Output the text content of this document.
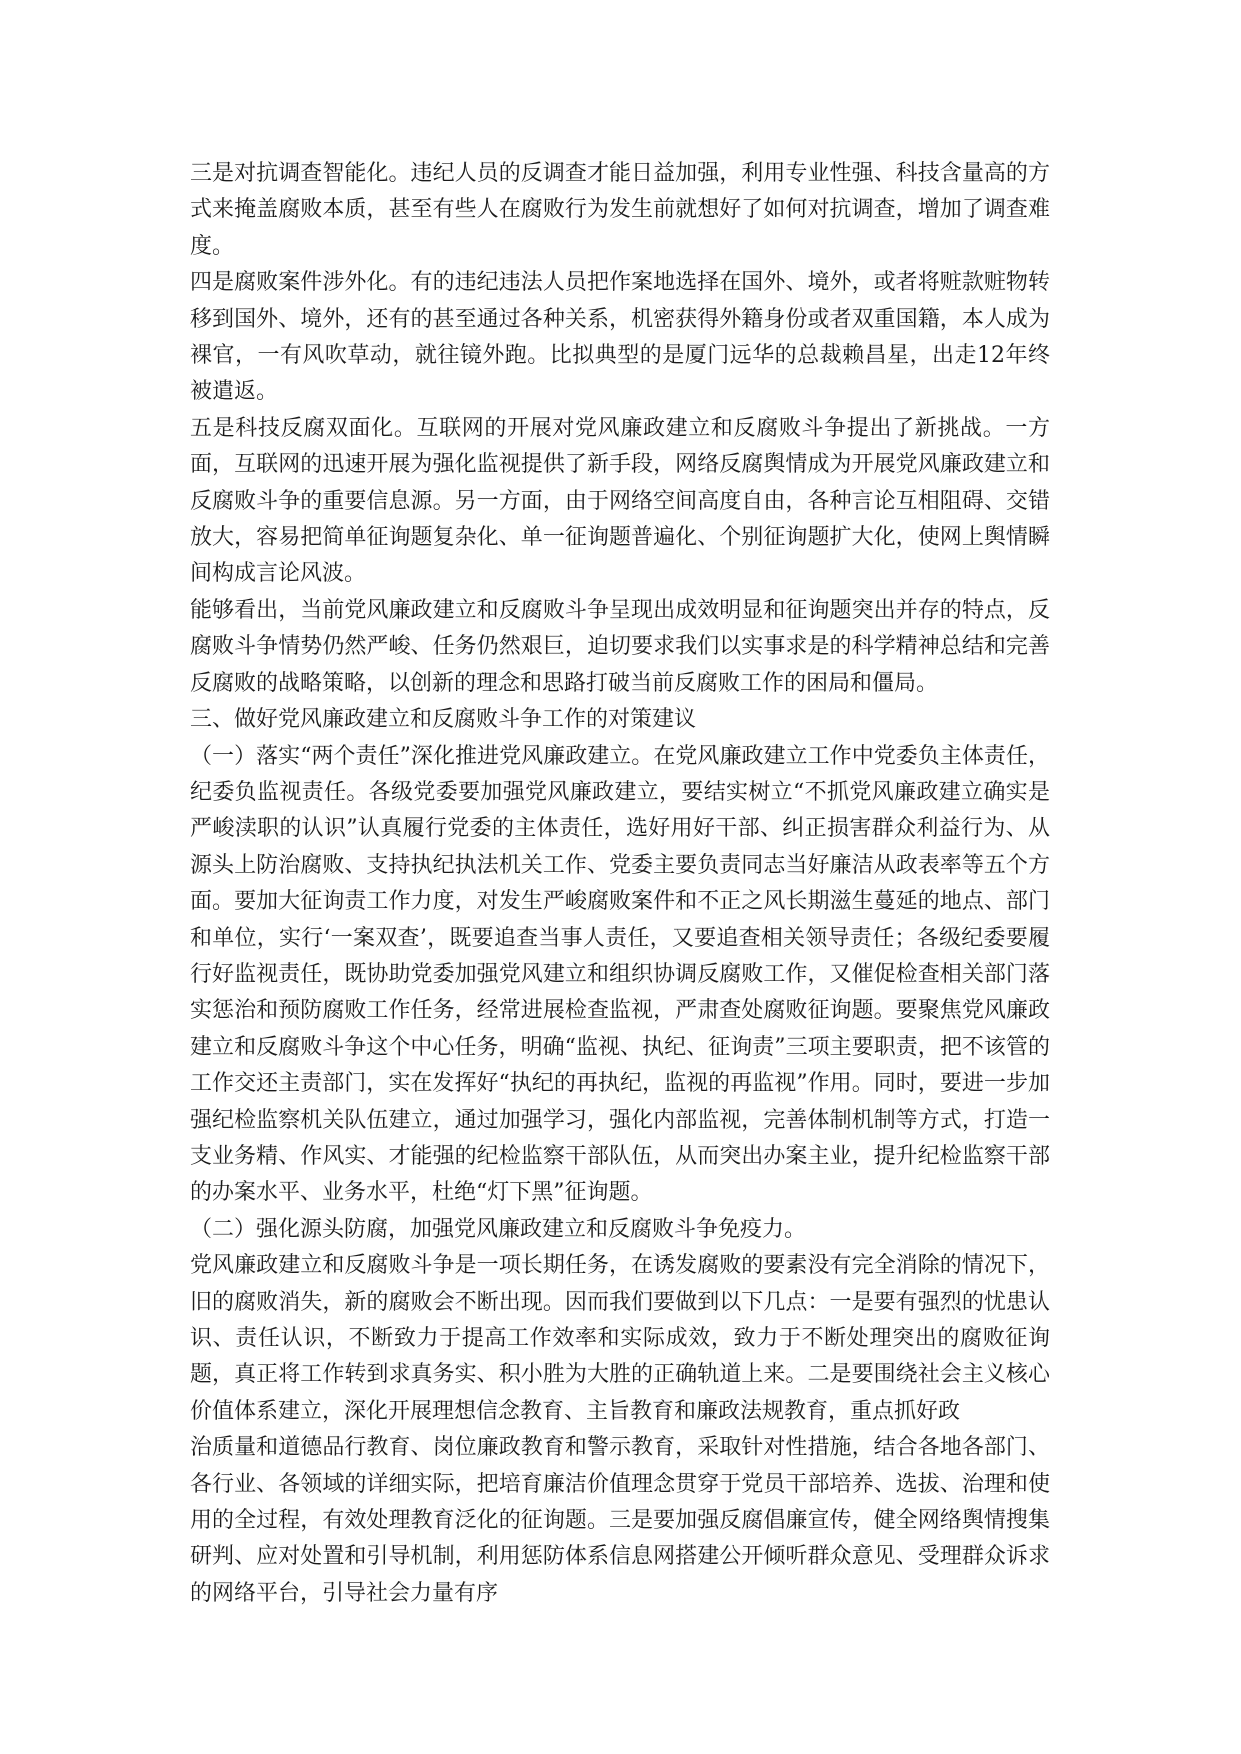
三是对抗调查智能化。违纪人员的反调查才能日益加强，利用专业性强、科技含量高的方式来掩盖腐败本质，甚至有些人在腐败行为发生前就想好了如何对抗调查，增加了调查难度。

四是腐败案件涉外化。有的违纪违法人员把作案地选择在国外、境外，或者将赃款赃物转移到国外、境外，还有的甚至通过各种关系，机密获得外籍身份或者双重国籍，本人成为裸官，一有风吹草动，就往镜外跑。比拟典型的是厦门远华的总裁赖昌星，出走12年终被遣返。

五是科技反腐双面化。互联网的开展对党风廉政建立和反腐败斗争提出了新挑战。一方面，互联网的迅速开展为强化监视提供了新手段，网络反腐舆情成为开展党风廉政建立和反腐败斗争的重要信息源。另一方面，由于网络空间高度自由，各种言论互相阻碍、交错放大，容易把简单征询题复杂化、单一征询题普遍化、个别征询题扩大化，使网上舆情瞬间构成言论风波。

能够看出，当前党风廉政建立和反腐败斗争呈现出成效明显和征询题突出并存的特点，反腐败斗争情势仍然严峻、任务仍然艰巨，迫切要求我们以实事求是的科学精神总结和完善反腐败的战略策略，以创新的理念和思路打破当前反腐败工作的困局和僵局。

三、做好党风廉政建立和反腐败斗争工作的对策建议

（一）落实“两个责任”深化推进党风廉政建立。在党风廉政建立工作中党委负主体责任，纪委负监视责任。各级党委要加强党风廉政建立，要结实树立“不抓党风廉政建立确实是严峻渎职的认识”认真履行党委的主体责任，选好用好干部、纠正损害群众利益行为、从源头上防治腐败、支持执纪执法机关工作、党委主要负责同志当好廉洁从政表率等五个方面。要加大征询责工作力度，对发生严峻腐败案件和不正之风长期滋生蔓延的地点、部门和单位，实行‘一案双查’，既要追查当事人责任，又要追查相关领导责任；各级纪委要履行好监视责任，既协助党委加强党风建立和组织协调反腐败工作，又催促检查相关部门落实惩治和预防腐败工作任务，经常进展检查监视，严肃查处腐败征询题。要聚焦党风廉政建立和反腐败斗争这个中心任务，明确“监视、执纪、征询责”三项主要职责，把不该管的工作交还主责部门，实在发挥好“执纪的再执纪，监视的再监视”作用。同时，要进一步加强纪检监察机关队伍建立，通过加强学习，强化内部监视，完善体制机制等方式，打造一支业务精、作风实、才能强的纪检监察干部队伍，从而突出办案主业，提升纪检监察干部的办案水平、业务水平，杜绝“灯下黑”征询题。

（二）强化源头防腐，加强党风廉政建立和反腐败斗争免疫力。

党风廉政建立和反腐败斗争是一项长期任务，在诱发腐败的要素没有完全消除的情况下，旧的腐败消失，新的腐败会不断出现。因而我们要做到以下几点：一是要有强烈的忧患认识、责任认识，不断致力于提高工作效率和实际成效，致力于不断处理突出的腐败征询题，真正将工作转到求真务实、积小胜为大胜的正确轨道上来。二是要围绕社会主义核心价值体系建立，深化开展理想信念教育、主旨教育和廉政法规教育，重点抓好政

治质量和道德品行教育、岗位廉政教育和警示教育，采取针对性措施，结合各地各部门、各行业、各领域的详细实际，把培育廉洁价值理念贯穿于党员干部培养、选拔、治理和使用的全过程，有效处理教育泛化的征询题。三是要加强反腐倡廉宣传，健全网络舆情搜集研判、应对处置和引导机制，利用惩防体系信息网搭建公开倾听群众意见、受理群众诉求的网络平台，引导社会力量有序
